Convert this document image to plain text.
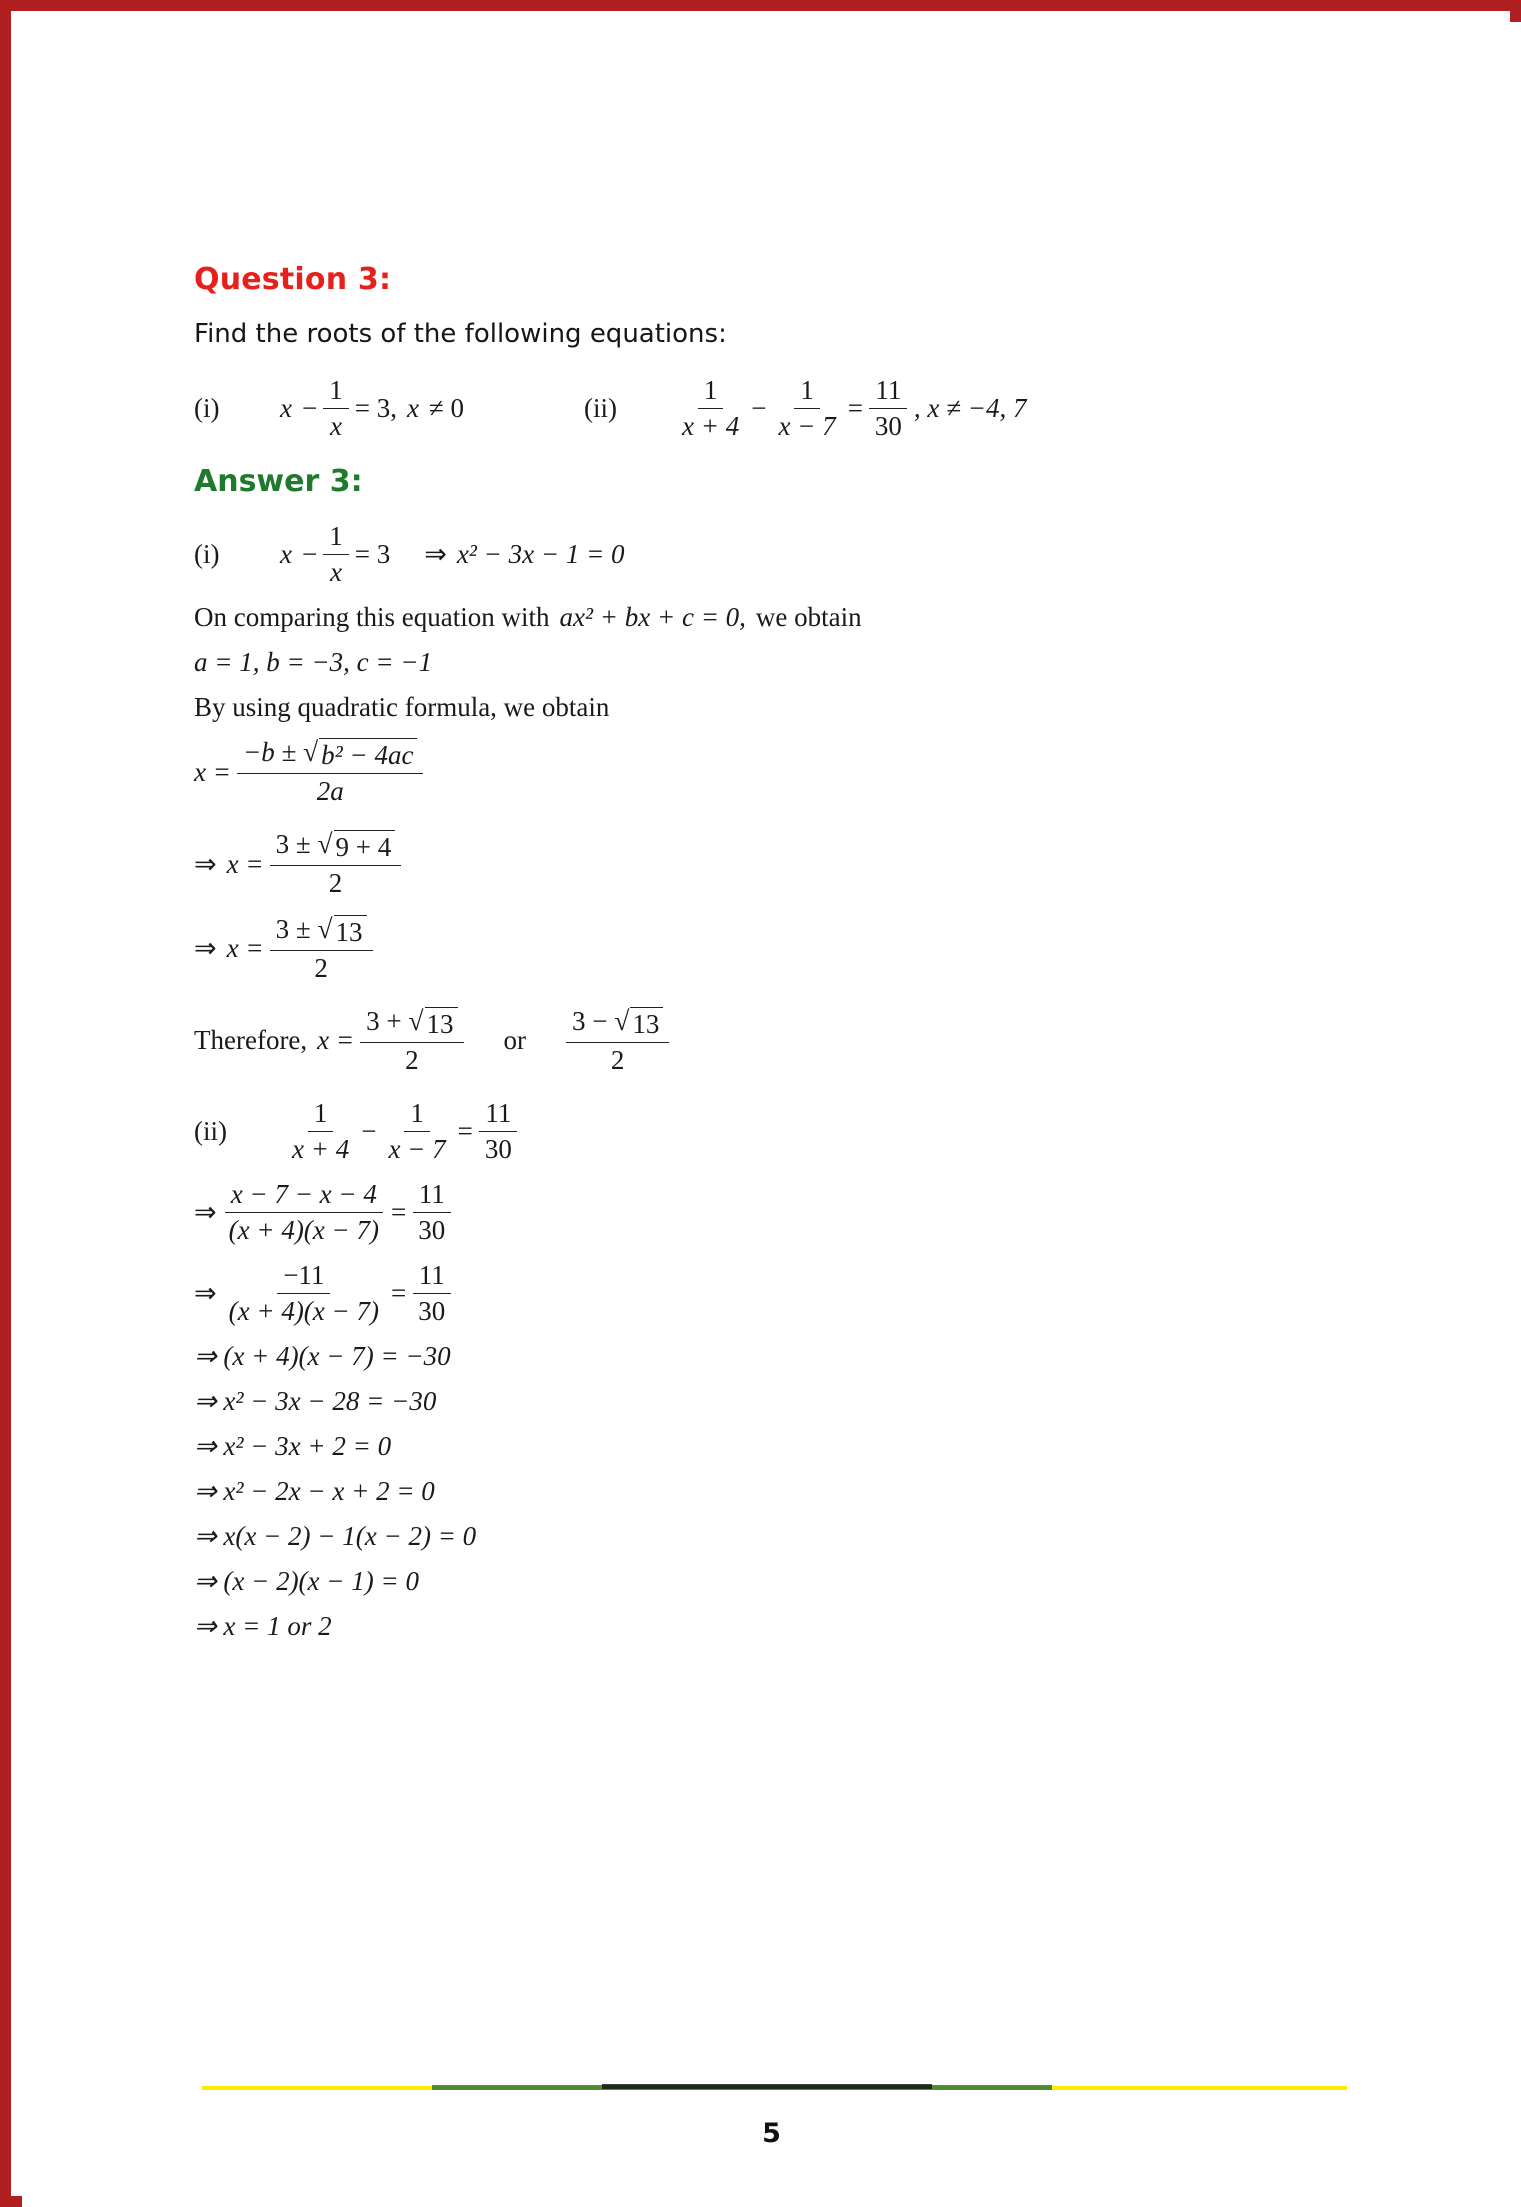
Question 3:
Find the roots of the following equations:
(i)	$x - \frac{1}{x} = 3$, x ≠ 0	(ii)	$\frac{1}{x + 4} - \frac{1}{x - 7} = \frac{11}{30}$ , x ≠ −4, 7
Answer 3:
(i)	$x - \frac{1}{x} = 3$ ⇒ x² − 3x − 1 = 0
On comparing this equation with ax² + bx + c = 0, we obtain
a = 1, b = −3, c = −1
By using quadratic formula, we obtain
x =
−b ± √ b² − 4ac
2a
⇒ $x = \frac{3 \pm √ 9 + 4}{2}$
⇒ $x = \frac{3 \pm √ 13}{2}$
Therefore, $x = \frac{3 + √ 13}{2}$ or $\frac{3 - √ 13}{2}$
(ii)	$\frac{1}{x + 4} - \frac{1}{x - 7} = \frac{11}{30}$
⇒ $\frac{x - 7 - x - 4}{(x + 4)(x - 7)} = \frac{11}{30}$
⇒ $\frac{-11}{(x + 4)(x - 7)} = \frac{11}{30}$
⇒ (x + 4)(x − 7) = −30
⇒ x² − 3x − 28 = −30
⇒ x² − 3x + 2 = 0
⇒ x² − 2x − x + 2 = 0
⇒ x(x − 2) − 1(x − 2) = 0
⇒ (x − 2)(x − 1) = 0
⇒ x = 1 or 2
5
